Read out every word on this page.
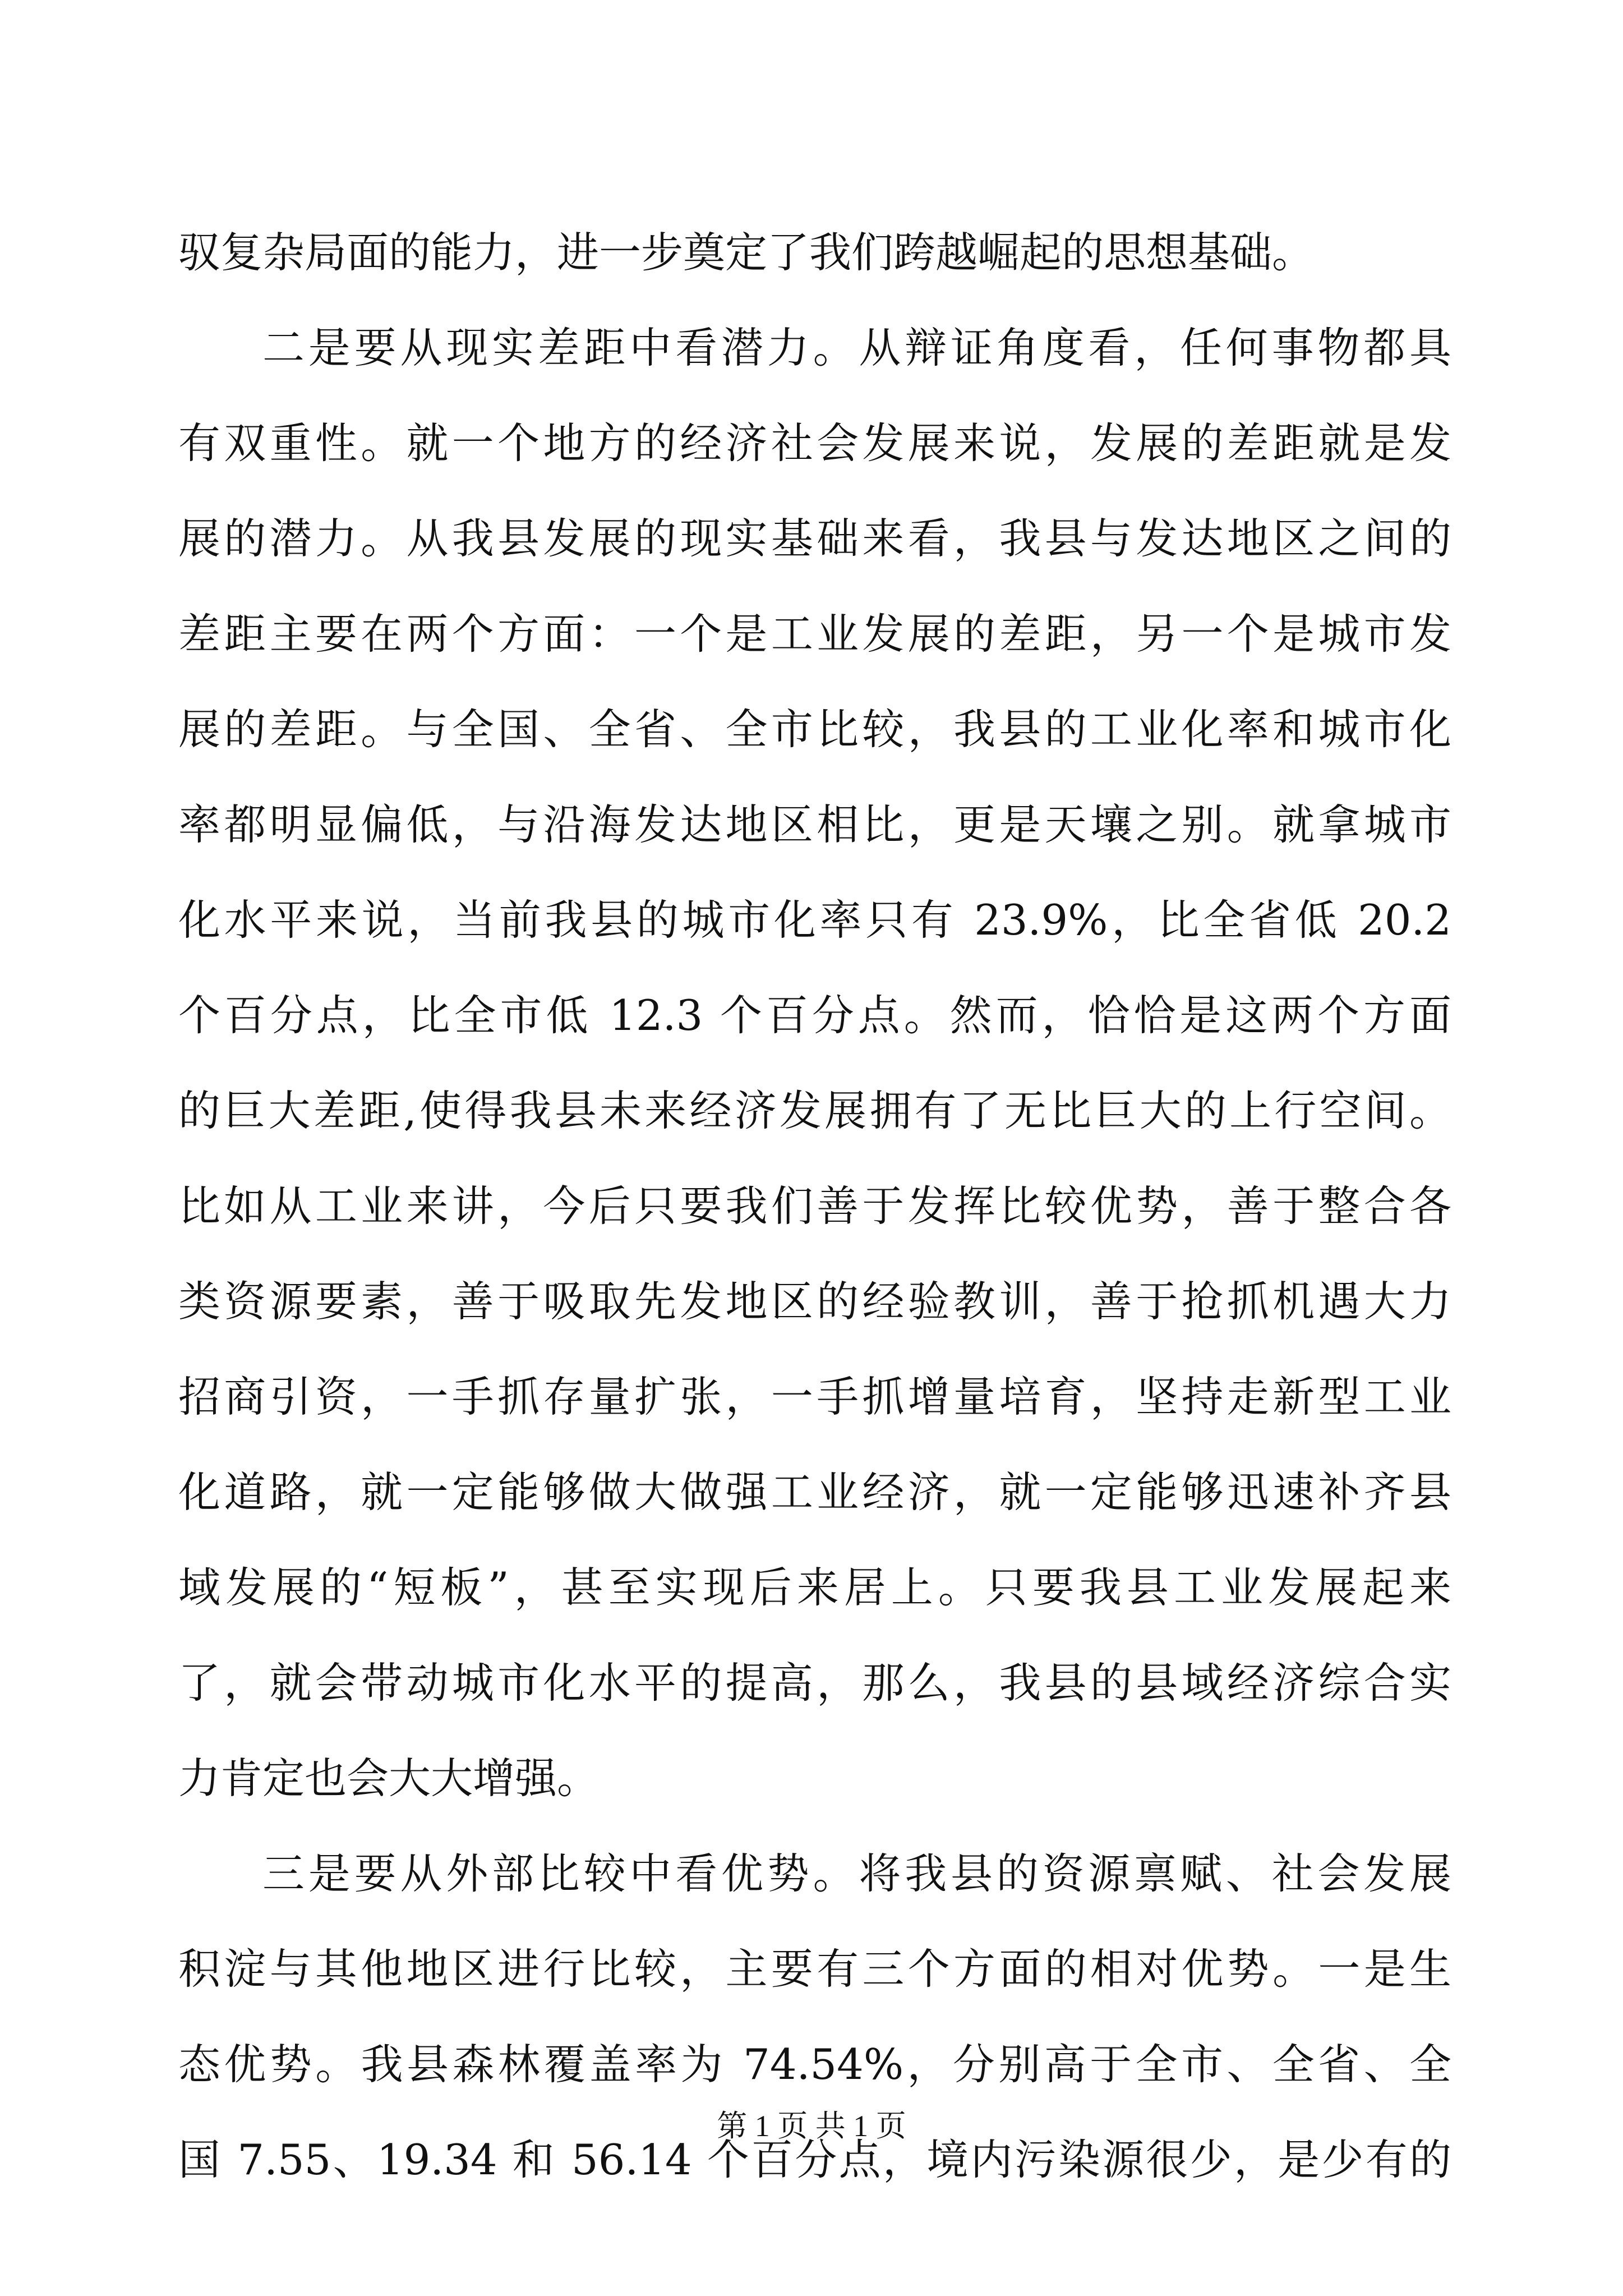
驭复杂局面的能力，进一步奠定了我们跨越崛起的思想基础。
二是要从现实差距中看潜力。从辩证角度看，任何事物都具
有双重性。就一个地方的经济社会发展来说，发展的差距就是发
展的潜力。从我县发展的现实基础来看，我县与发达地区之间的
差距主要在两个方面：一个是工业发展的差距，另一个是城市发
展的差距。与全国、全省、全市比较，我县的工业化率和城市化
率都明显偏低，与沿海发达地区相比，更是天壤之别。就拿城市
化水平来说，当前我县的城市化率只有 23.9%，比全省低 20.2
个百分点，比全市低 12.3 个百分点。然而，恰恰是这两个方面
的巨大差距,使得我县未来经济发展拥有了无比巨大的上行空间。
比如从工业来讲，今后只要我们善于发挥比较优势，善于整合各
类资源要素，善于吸取先发地区的经验教训，善于抢抓机遇大力
招商引资，一手抓存量扩张，一手抓增量培育，坚持走新型工业
化道路，就一定能够做大做强工业经济，就一定能够迅速补齐县
域发展的“短板”，甚至实现后来居上。只要我县工业发展起来
了，就会带动城市化水平的提高，那么，我县的县域经济综合实
力肯定也会大大增强。
三是要从外部比较中看优势。将我县的资源禀赋、社会发展
积淀与其他地区进行比较，主要有三个方面的相对优势。一是生
态优势。我县森林覆盖率为 74.54%，分别高于全市、全省、全
国 7.55、19.34 和 56.14 个百分点，境内污染源很少，是少有的
第 1 页 共 1 页
